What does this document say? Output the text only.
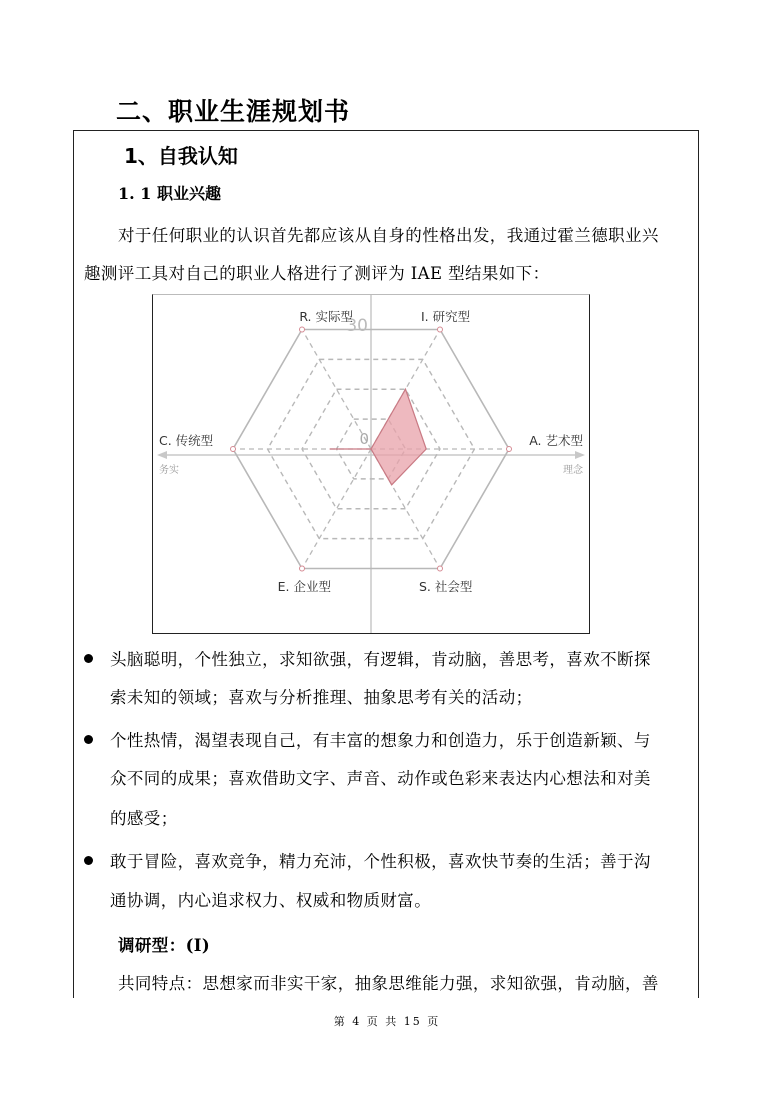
二、职业生涯规划书
1、自我认知
1. 1 职业兴趣
对于任何职业的认识首先都应该从自身的性格出发，我通过霍兰德职业兴
趣测评工具对自己的职业人格进行了测评为 IAE 型结果如下：
30
0
R. 实际型	I. 研究型
A. 艺术型
S. 社会型
E. 企业型
C. 传统型
务实	理念
头脑聪明，个性独立，求知欲强，有逻辑，肯动脑，善思考，喜欢不断探
索未知的领域；喜欢与分析推理、抽象思考有关的活动；
个性热情，渴望表现自己，有丰富的想象力和创造力，乐于创造新颖、与
众不同的成果；喜欢借助文字、声音、动作或色彩来表达内心想法和对美
的感受；
敢于冒险，喜欢竞争，精力充沛，个性积极，喜欢快节奏的生活；善于沟
通协调，内心追求权力、权威和物质财富。
调研型：(I)
共同特点：思想家而非实干家，抽象思维能力强，求知欲强，肯动脑，善
第 4 页 共 15 页
